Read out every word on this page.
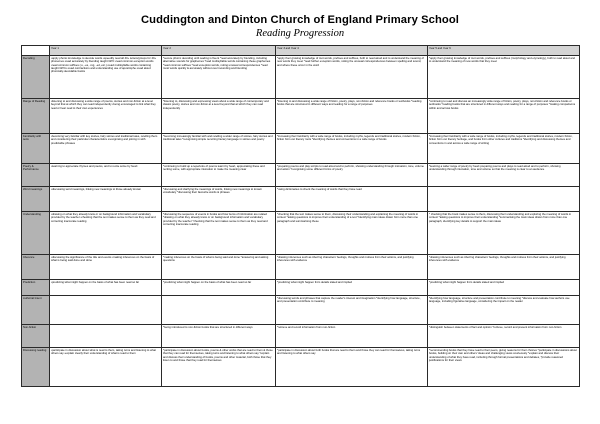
Cuddington and Dinton Church of England Primary School
Reading Progression
	Year 1	Year 2	Year 3 and Year 4	Year 5 and Year 6
Decoding	•apply phonic knowledge to decode words •speedily read all 40+ letters/groups for 40+ phonemes •read accurately by blending taught GPC •read common exception words •read common suffixes (-s, -es, -ing, -ed, etc.) •read multisyllable words containing taught GPCs •read contractions and understanding use of apostrophe •read aloud phonically-decodable books	*secure phonic decoding until reading is fluent *read accurately by blending, including alternative sounds for graphemes *read multisyllable words containing these graphemes *read common suffixes *read exception words, noting unusual correspondences *read most words quickly & accurately without overt sounding and blending	*apply their growing knowledge of root words, prefixes and suffixes, both to read aloud and to understand the meaning of new words they meet *read further exception words, noting the unusual correspondences between spelling and sound, and where these occur in the word	*apply their growing knowledge of root words, prefixes and suffixes (morphology and etymology), both to read aloud and to understand the meaning of new words that they meet
Range of Reading	•listening to and discussing a wide range of poems, stories and non-fiction at a level beyond that at which they can read independently •being encouraged to link what they read or hear read to their own experiences	*listening to, discussing and expressing views about a wide range of contemporary and classic poetry, stories and non-fiction at a level beyond that at which they can read independently	*listening to and discussing a wide range of fiction, poetry, plays, non-fiction and reference books or textbooks *reading books that are structured in different ways and reading for a range of purposes	*continuing to read and discuss an increasingly wide range of fiction, poetry, plays, non-fiction and reference books or textbooks *reading books that are structured in different ways and reading for a range of purposes *making comparisons within and across books
Familiarity with texts	•becoming very familiar with key stories, fairy stories and traditional tales, retelling them and considering their particular characteristics •recognising and joining in with predictable phrases	*becoming increasingly familiar with and retelling a wider range of stories, fairy stories and traditional tales *recognising simple recurring literary language in stories and poetry	*increasing their familiarity with a wide range of books, including myths, legends and traditional stories, modern fiction, fiction from our literary roots *identifying themes and conventions in a wide range of books	*increasing their familiarity with a wide range of books, including myths, legends and traditional stories, modern fiction, fiction from our literary heritage, and books from other cultures and traditions *identifying and discussing themes and conventions in and across a wide range of writing
Poetry & Performance	•learning to appreciate rhymes and poems, and to recite some by heart	*continuing to build up a repertoire of poems learnt by heart, appreciating these and reciting some, with appropriate intonation to make the meaning clear	*preparing poems and play scripts to read aloud and to perform, showing understanding through intonation, tone, volume and action *recognising some different forms of poetry	*learning a wider range of poetry by heart preparing poems and plays to read aloud and to perform, showing understanding through intonation, tone and volume so that the meaning is clear to an audience
Word meanings	•discussing word meanings, linking new meanings to those already known	*discussing and clarifying the meanings of words, linking new meanings to known vocabulary *discussing their favourite words & phrases	*using dictionaries to check the meaning of words that they have read	
Understanding	•drawing on what they already know or on background information and vocabulary provided by the teacher •checking that the text makes sense to them as they read and correcting inaccurate reading	*discussing the sequence of events in books and how items of information are related *drawing on what they already know or on background information and vocabulary provided by the teacher *checking that the text makes sense to them as they read and correcting inaccurate reading	*checking that the text makes sense to them, discussing their understanding and explaining the meaning of words in context *asking questions to improve their understanding of a text *identifying main ideas drawn from more than one paragraph and summarising these	* checking that the book makes sense to them, discussing their understanding and exploring the meaning of words in context *asking questions to improve their understanding *summarising the main ideas drawn from more than one paragraph, identifying key details to support the main ideas
Inference	•discussing the significance of the title and events •making inferences on the basis of what is being said done and done	*making inferences on the basis of what is being said and done *answering and asking questions	*drawing inferences such as inferring characters' feelings, thoughts and motives from their actions, and justifying inferences with evidence	*drawing inferences such as inferring characters' feelings, thoughts and motives from their actions, and justifying inferences with evidence
Prediction	•predicting what might happen on the basis of what has been read so far	*predicting what might happen on the basis of what has been read so far	*predicting what might happen from details stated and implied	*predicting what might happen from details stated and implied
Authorial Intent			*discussing words and phrases that capture the reader's interest and imagination *identifying how language, structure, and presentation contribute to meaning	*identifying how language, structure and presentation contribute to meaning *discuss and evaluate how authors use language, including figurative language, considering the impact on the reader
Non-fiction		*being introduced to non-fiction books that are structured in different ways	*retrieve and record information from non-fiction	*distinguish between statements of fact and opinion *retrieve, record and present information from non-fiction
Discussing reading	•participate in discussion about what is read to them, taking turns and listening to what others say •explain clearly their understanding of what is read to them	*participate in discussion about books, poems & other works that are read to them & those that they can read for themselves, taking turns and listening to what others say *explain and discuss their understanding of books, poems and other material, both those that they listen to and those that they read for themselves	*participate in discussion about both books that are read to them and those they can read for themselves, taking turns and listening to what others say	*recommending books that they have read to their peers, giving reasons for their choices *participate in discussions about books, building on their own and others' ideas and challenging views courteously *explain and discuss their understanding of what they have read, including through formal presentations and debates, *provide reasoned justifications for their views
